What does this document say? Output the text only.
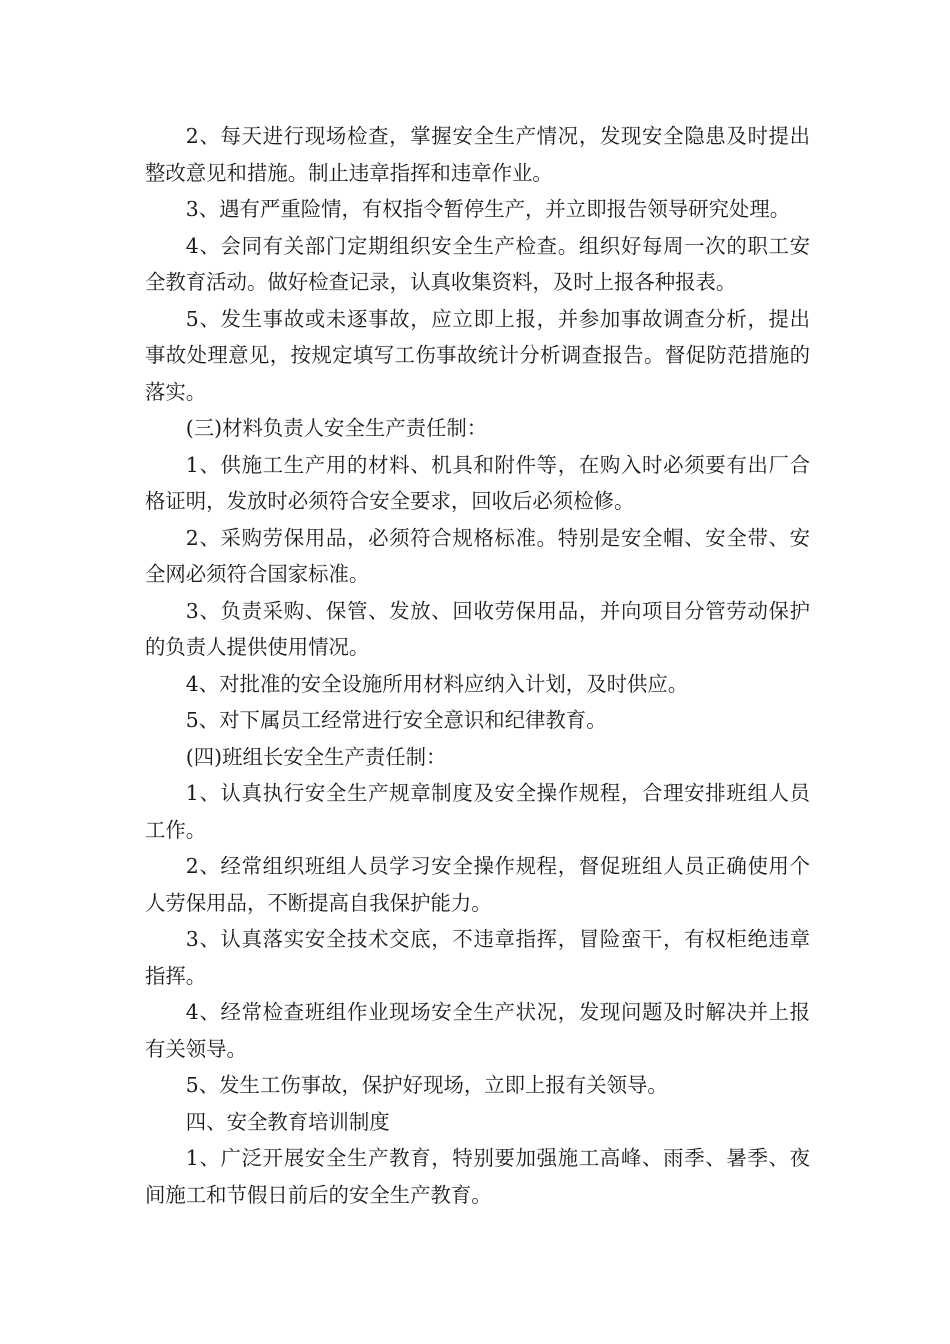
2、每天进行现场检查，掌握安全生产情况，发现安全隐患及时提出整改意见和措施。制止违章指挥和违章作业。

3、遇有严重险情，有权指令暂停生产，并立即报告领导研究处理。

4、会同有关部门定期组织安全生产检查。组织好每周一次的职工安全教育活动。做好检查记录，认真收集资料，及时上报各种报表。

5、发生事故或未逐事故，应立即上报，并参加事故调查分析，提出事故处理意见，按规定填写工伤事故统计分析调查报告。督促防范措施的落实。

(三)材料负责人安全生产责任制：

1、供施工生产用的材料、机具和附件等，在购入时必须要有出厂合格证明，发放时必须符合安全要求，回收后必须检修。

2、采购劳保用品，必须符合规格标准。特别是安全帽、安全带、安全网必须符合国家标准。

3、负责采购、保管、发放、回收劳保用品，并向项目分管劳动保护的负责人提供使用情况。

4、对批准的安全设施所用材料应纳入计划，及时供应。

5、对下属员工经常进行安全意识和纪律教育。

(四)班组长安全生产责任制：

1、认真执行安全生产规章制度及安全操作规程，合理安排班组人员工作。

2、经常组织班组人员学习安全操作规程，督促班组人员正确使用个人劳保用品，不断提高自我保护能力。

3、认真落实安全技术交底，不违章指挥，冒险蛮干，有权柜绝违章指挥。

4、经常检查班组作业现场安全生产状况，发现问题及时解决并上报有关领导。

5、发生工伤事故，保护好现场，立即上报有关领导。

四、安全教育培训制度

1、广泛开展安全生产教育，特别要加强施工高峰、雨季、暑季、夜间施工和节假日前后的安全生产教育。
